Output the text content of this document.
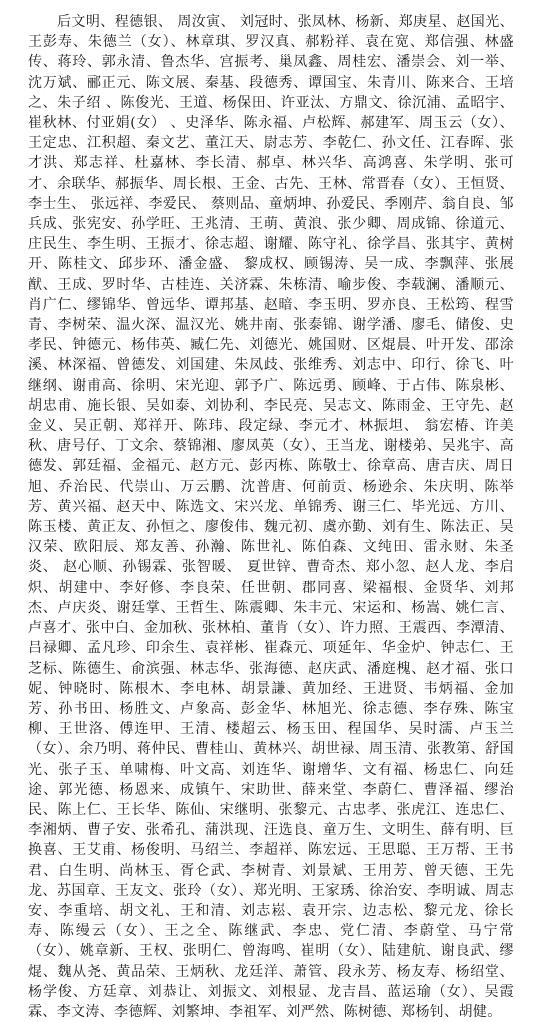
后文明、程德银、 周汝寅、 刘冠时、张凤林、杨新、郑庚星、赵国光、王彭寿、朱德兰（女）、林章琪、罗汉真、郝粉祥、袁在宽、郑信强、林盛传、蒋玲、郭永清、鲁杰华、宫振考、巢凤鑫、周桂宏、潘崇会、刘一举、沈万斌、郦正元、陈文展、秦基、段德秀、谭国宝、朱青川、陈来合、王培之、朱子绍 、陈俊光、王道、杨保田、许亚汰、方鼎文、徐沉浦、孟昭宇、崔秋林、付亚娟(女） 、史泽华、陈永福、卢松辉、郝建军、周玉云（女）、王定忠、江积超、秦文艺、董江天、尉志芳、李乾仁、孙文任、江春晖、张才洪、郑志祥、杜嘉林、李长清、郝卓、林兴华、高鸿喜、朱学明、张可才、余联华、郝振华、周长根、王金、古先、王林、常晋春（女）、王恒贤、李士生、 张远祥、李爱民、 蔡则品、童炳坤、孙爱民、季刚芹、翁自良、邹兵成、张宪安、孙学旺、王兆清、王萌、黄浪、张少卿、周成锦、徐道元、庄民生、李生明、王振才、徐志超、谢耀、陈守礼、徐学昌、张其宇、黄树开、陈桂文、邱步环、潘金盛、 黎成权、顾锡涛、吴一成、李飘萍、张展猷、王成、罗时华、古桂连、关济霖、朱栋清、喻步俊、李载澜、潘顺元、肖广仁、缪锦华、曾远华、谭邦基、赵暗、李玉明、罗亦良、王松筠、程雪青、李树荣、温火深、温汉光、姚井南、张泰锦、谢学潘、廖毛、储俊、史孝民、钟德元、杨伟英、臧仁先、刘德光、姚国财、区焜晨、叶开发、邵涂溪、林深福、曾德发、刘国建、朱凤歧、张维秀、刘志中、印行、徐飞、叶继纲、谢甫高、徐明、宋光迎、郭予广、陈远勇、顾峰、于占伟、陈泉彬、胡忠甫、施长银、吴如泰、刘协利、李民亮、吴志文、陈雨金、王守先、赵金义、吴正朝、郑祥开、陈玮、段定绿、李元才、林振坦、 翁宏椿、许美秋、唐号仔、丁文余、蔡锦湘、廖凤英（女）、王当龙、谢楼弟、吴兆宇、高德发、郭廷福、金福元、赵方元、彭丙栋、陈敬士、徐章高、唐吉庆、周日旭、乔治民、代崇山、万云鹏、沈普唐、何前贡、杨逊余、朱庆明、陈举芳、黄兴福、赵天中、陈选文、宋兴龙、单锦秀、谢三仁、毕光远、方川、陈玉楼、黄正友、孙恒之、廖俊伟、魏元初、虞亦勤、刘有生、陈法正、吴汉荣、欧阳辰、郑友善、孙瀚、陈世礼、陈伯森、文纯田、雷永财、朱圣炎、 赵心顺、孙锡霖、张智暖、 夏世锌、曹奇杰、郑小忽、赵人龙、李启炽、胡建中、李好修、李良荣、任世朝、郡同喜、梁福根、金贤华、刘邦杰、卢庆炎、谢廷掌、王哲生、陈震卿、朱丰元、宋运和、杨嵩、姚仁言、卢喜才、张中白、金加秋、张林柏、董肯（女）、许力照、王震西、李潭清、吕禄卿、孟凡珍、印余生、袁祥彬、崔森元、项延年、华金炉、钟志仁、王芝标、陈德生、俞滨强、林志华、张海德、赵庆武、潘庭槐、赵才福、张口妮、钟晓时、陈根木、李电林、胡景謙、黄加经、王进贤、韦炳福、金加芳、孙书田、杨胜文、卢象高、彭金华、林旭光、徐志德、李存殊、陈宝柳、王世洛、傅连甲、王清、楼超云、杨玉田、程国华、吴时濡、卢玉兰（女）、余乃明、蒋仲民、曹桂山、黄林兴、胡世禄、周玉清、张教第、舒国光、张子玉、单啸梅、叶文高、刘连华、谢增华、文有福、杨忠仁、向廷途、郭光德、杨恩来、成镇午、宋助世、薛来堂、李蔚仁、曹泽福、缪治民、陈上仁、王长华、陈仙、宋继明、张黎元、古忠孝、张虎江、连忠仁、李湘炳、曹子安、张希孔、蒲洪现、汪选良、童万生、文明生、薛有明、巨换喜、王艾甫、杨俊明、马绍兰、李超祥、陈宏远、王思聪、王万帮、王书君、白生明、尚林玉、胥仑武、李树青、刘景斌、王用芳、曾天德、王先龙、苏国章、王友文、张玲（女）、郑光明、王家琇、徐治安、李明诚、周志安、李重培、胡文礼、王和清、刘志崧、袁开宗、边志松、黎元龙、徐长寿、陈缦云（女）、王之全、陈继武、李忠、党仁清、李蔚堂、马宁常（女）、姚章新、王权、张明仁、曾海鸣、崔明（女）、陆建航、谢良武、缪焜、魏从尧、黄品荣、王炳秋、龙廷洋、萧管、段永芳、杨友寿、杨绍堂、杨学俊、方廷章、刘恭让、刘振文、刘根显、龙吉昌、蓝运瑜（女）、吴霞霖、李文涛、李德辉、刘繁坤、李祖军、刘严然、陈树德、郑杨钊、胡健。
